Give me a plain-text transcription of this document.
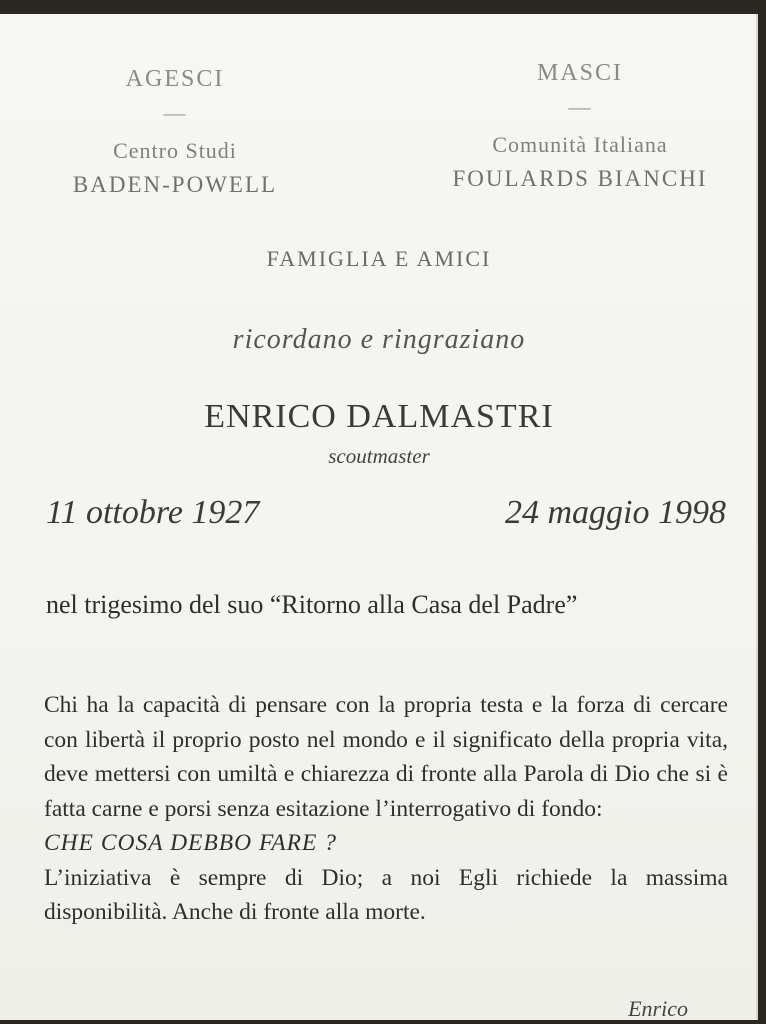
AGESCI
—
Centro Studi
BADEN-POWELL
MASCI
—
Comunità Italiana
FOULARDS BIANCHI
FAMIGLIA E AMICI
ricordano e ringraziano
ENRICO DALMASTRI
scoutmaster
11 ottobre 1927	24 maggio 1998
nel trigesimo del suo “Ritorno alla Casa del Padre”

Chi ha la capacità di pensare con la propria testa e la forza di cercare con libertà il proprio posto nel mondo e il significato della propria vita, deve mettersi con umiltà e chiarezza di fronte alla Parola di Dio che si è fatta carne e porsi senza esitazione l’interrogativo di fondo:

CHE COSA DEBBO FARE ?

L’iniziativa è sempre di Dio; a noi Egli richiede la massima disponibilità. Anche di fronte alla morte.

Enrico
